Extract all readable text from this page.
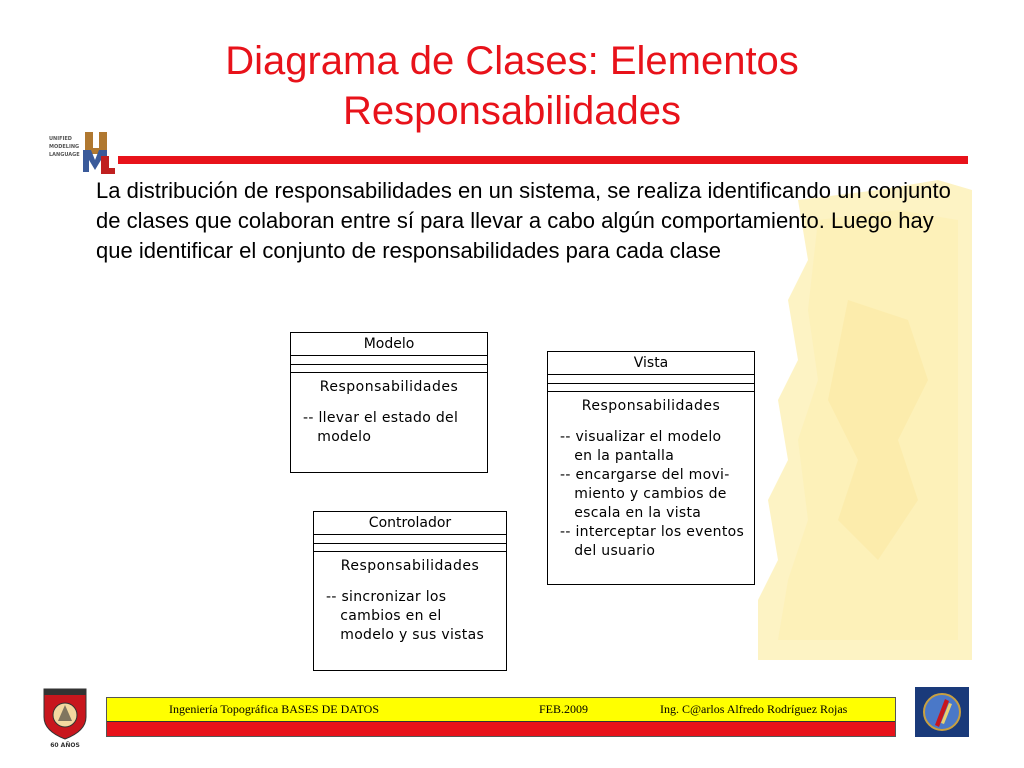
Diagrama de Clases: Elementos
Responsabilidades
UNIFIED
MODELING
LANGUAGE

La distribución de responsabilidades en un sistema, se realiza identificando un conjunto de clases que colaboran entre sí para llevar a cabo algún comportamiento. Luego hay que identificar el conjunto de responsabilidades para cada clase

Modelo
Responsabilidades
-- llevar el estado del
modelo
Vista
Responsabilidades
-- visualizar el modelo
en la pantalla
-- encargarse del movi-
miento y cambios de
escala en la vista
-- interceptar los eventos
del usuario
Controlador
Responsabilidades
-- sincronizar los
cambios en el
modelo y sus vistas
60 AÑOS
Ingeniería Topográfica BASES DE DATOS	FEB.2009	Ing. C@arlos Alfredo Rodríguez Rojas
